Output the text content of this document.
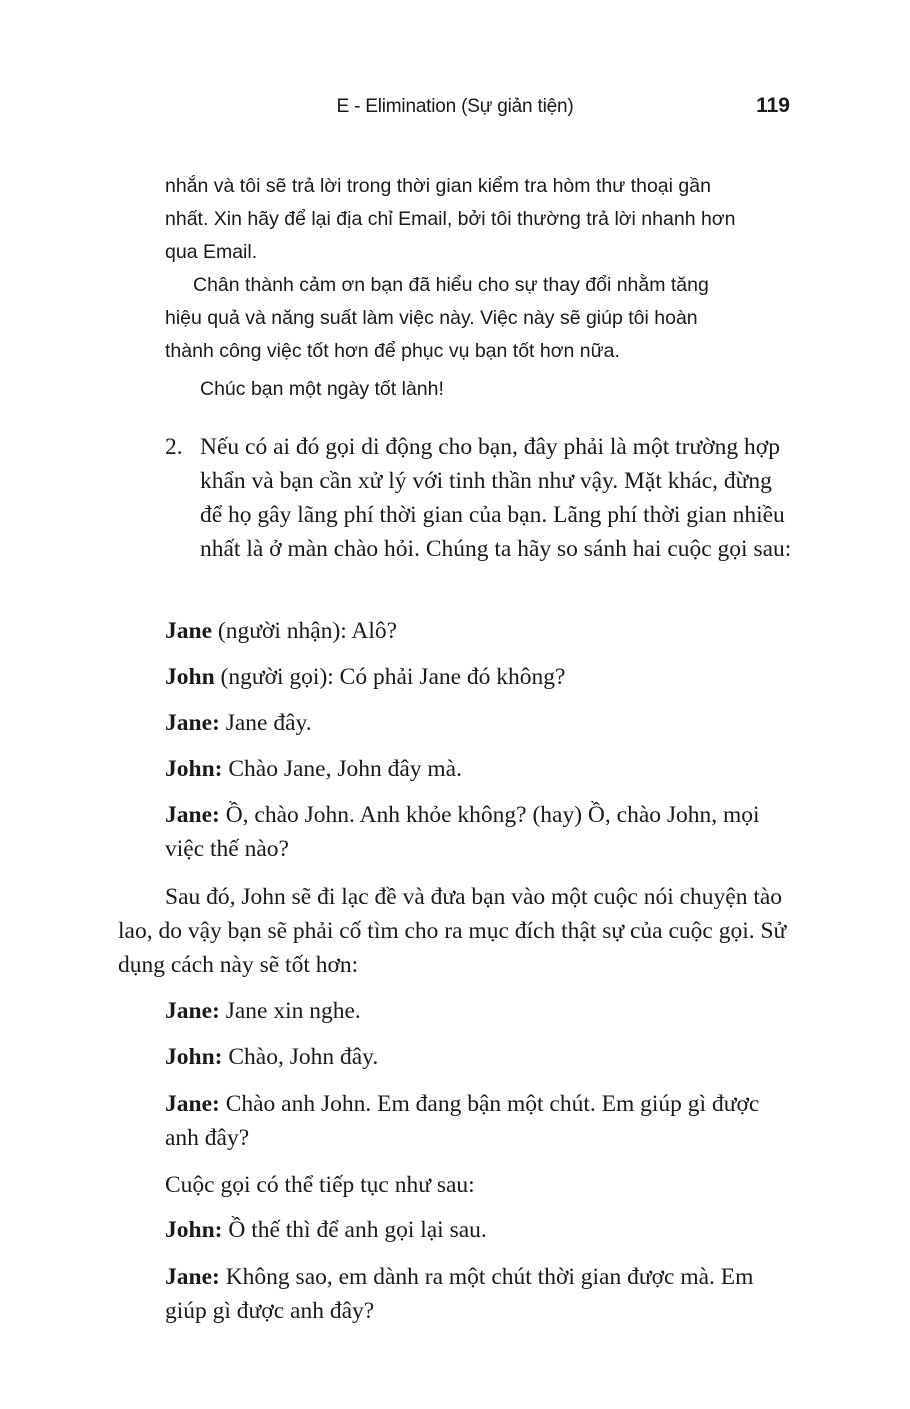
E - Elimination (Sự giản tiện)	119

nhắn và tôi sẽ trả lời trong thời gian kiểm tra hòm thư thoại gần nhất. Xin hãy để lại địa chỉ Email, bởi tôi thường trả lời nhanh hơn qua Email.

Chân thành cảm ơn bạn đã hiểu cho sự thay đổi nhằm tăng hiệu quả và năng suất làm việc này. Việc này sẽ giúp tôi hoàn thành công việc tốt hơn để phục vụ bạn tốt hơn nữa.

Chúc bạn một ngày tốt lành!

2. Nếu có ai đó gọi di động cho bạn, đây phải là một trường hợp khẩn và bạn cần xử lý với tinh thần như vậy. Mặt khác, đừng để họ gây lãng phí thời gian của bạn. Lãng phí thời gian nhiều nhất là ở màn chào hỏi. Chúng ta hãy so sánh hai cuộc gọi sau:

Jane (người nhận): Alô?

John (người gọi): Có phải Jane đó không?

Jane: Jane đây.

John: Chào Jane, John đây mà.

Jane: Ồ, chào John. Anh khỏe không? (hay) Ồ, chào John, mọi việc thế nào?

Sau đó, John sẽ đi lạc đề và đưa bạn vào một cuộc nói chuyện tào lao, do vậy bạn sẽ phải cố tìm cho ra mục đích thật sự của cuộc gọi. Sử dụng cách này sẽ tốt hơn:

Jane: Jane xin nghe.

John: Chào, John đây.

Jane: Chào anh John. Em đang bận một chút. Em giúp gì được anh đây?

Cuộc gọi có thể tiếp tục như sau:

John: Ồ thế thì để anh gọi lại sau.

Jane: Không sao, em dành ra một chút thời gian được mà. Em giúp gì được anh đây?
